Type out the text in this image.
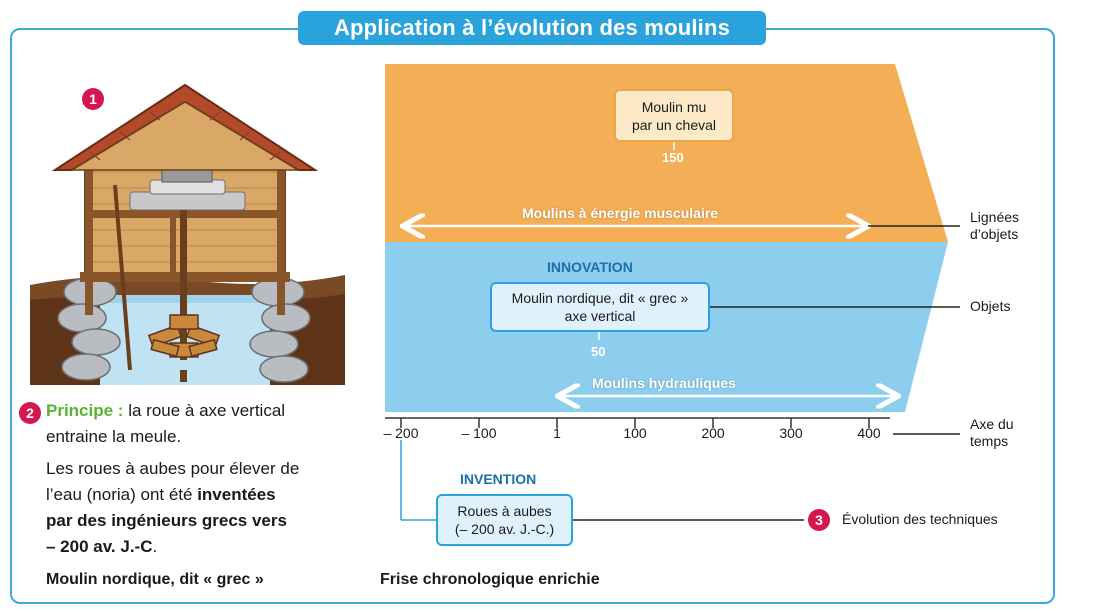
Application à l’évolution des moulins
1
2 Principe : la roue à axe vertical
entraine la meule.
Les roues à aubes pour élever de
l’eau (noria) ont été inventées
par des ingénieurs grecs vers
– 200 av. J.-C.
Moulin nordique, dit « grec »	Frise chronologique enrichie
Moulin mu
par un cheval
150
Moulins à énergie musculaire
INNOVATION
Moulin nordique, dit « grec »
axe vertical
50
Moulins hydrauliques
– 200	– 100	1	100	200	300	400
INVENTION
Roues à aubes
(– 200 av. J.-C.)
Lignées
d’objets
Objets
Axe du
temps
3	Évolution des techniques
